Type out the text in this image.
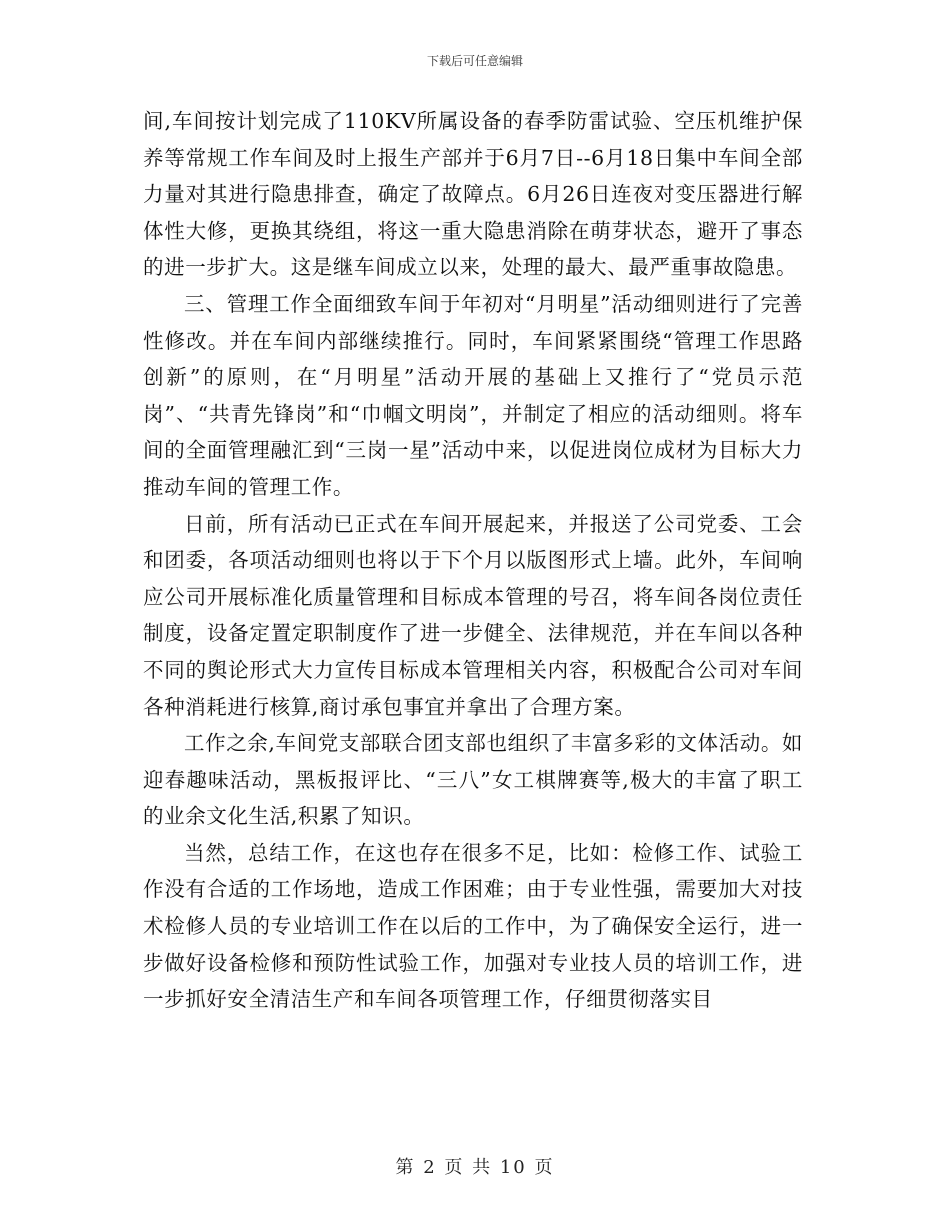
下载后可任意编辑

间,车间按计划完成了110KV所属设备的春季防雷试验、空压机维护保养等常规工作车间及时上报生产部并于6月7日--6月18日集中车间全部力量对其进行隐患排查，确定了故障点。6月26日连夜对变压器进行解体性大修，更换其绕组，将这一重大隐患消除在萌芽状态，避开了事态的进一步扩大。这是继车间成立以来，处理的最大、最严重事故隐患。

三、管理工作全面细致车间于年初对“月明星”活动细则进行了完善性修改。并在车间内部继续推行。同时，车间紧紧围绕“管理工作思路创新”的原则，在“月明星”活动开展的基础上又推行了“党员示范岗”、“共青先锋岗”和“巾帼文明岗”，并制定了相应的活动细则。将车间的全面管理融汇到“三岗一星”活动中来，以促进岗位成材为目标大力推动车间的管理工作。

日前，所有活动已正式在车间开展起来，并报送了公司党委、工会和团委，各项活动细则也将以于下个月以版图形式上墙。此外，车间响应公司开展标准化质量管理和目标成本管理的号召，将车间各岗位责任制度，设备定置定职制度作了进一步健全、法律规范，并在车间以各种不同的舆论形式大力宣传目标成本管理相关内容，积极配合公司对车间各种消耗进行核算,商讨承包事宜并拿出了合理方案。

工作之余,车间党支部联合团支部也组织了丰富多彩的文体活动。如迎春趣味活动，黑板报评比、“三八”女工棋牌赛等,极大的丰富了职工的业余文化生活,积累了知识。

当然，总结工作，在这也存在很多不足，比如：检修工作、试验工作没有合适的工作场地，造成工作困难；由于专业性强，需要加大对技术检修人员的专业培训工作在以后的工作中，为了确保安全运行，进一步做好设备检修和预防性试验工作，加强对专业技人员的培训工作，进一步抓好安全清洁生产和车间各项管理工作，仔细贯彻落实目

第 2 页 共 10 页
